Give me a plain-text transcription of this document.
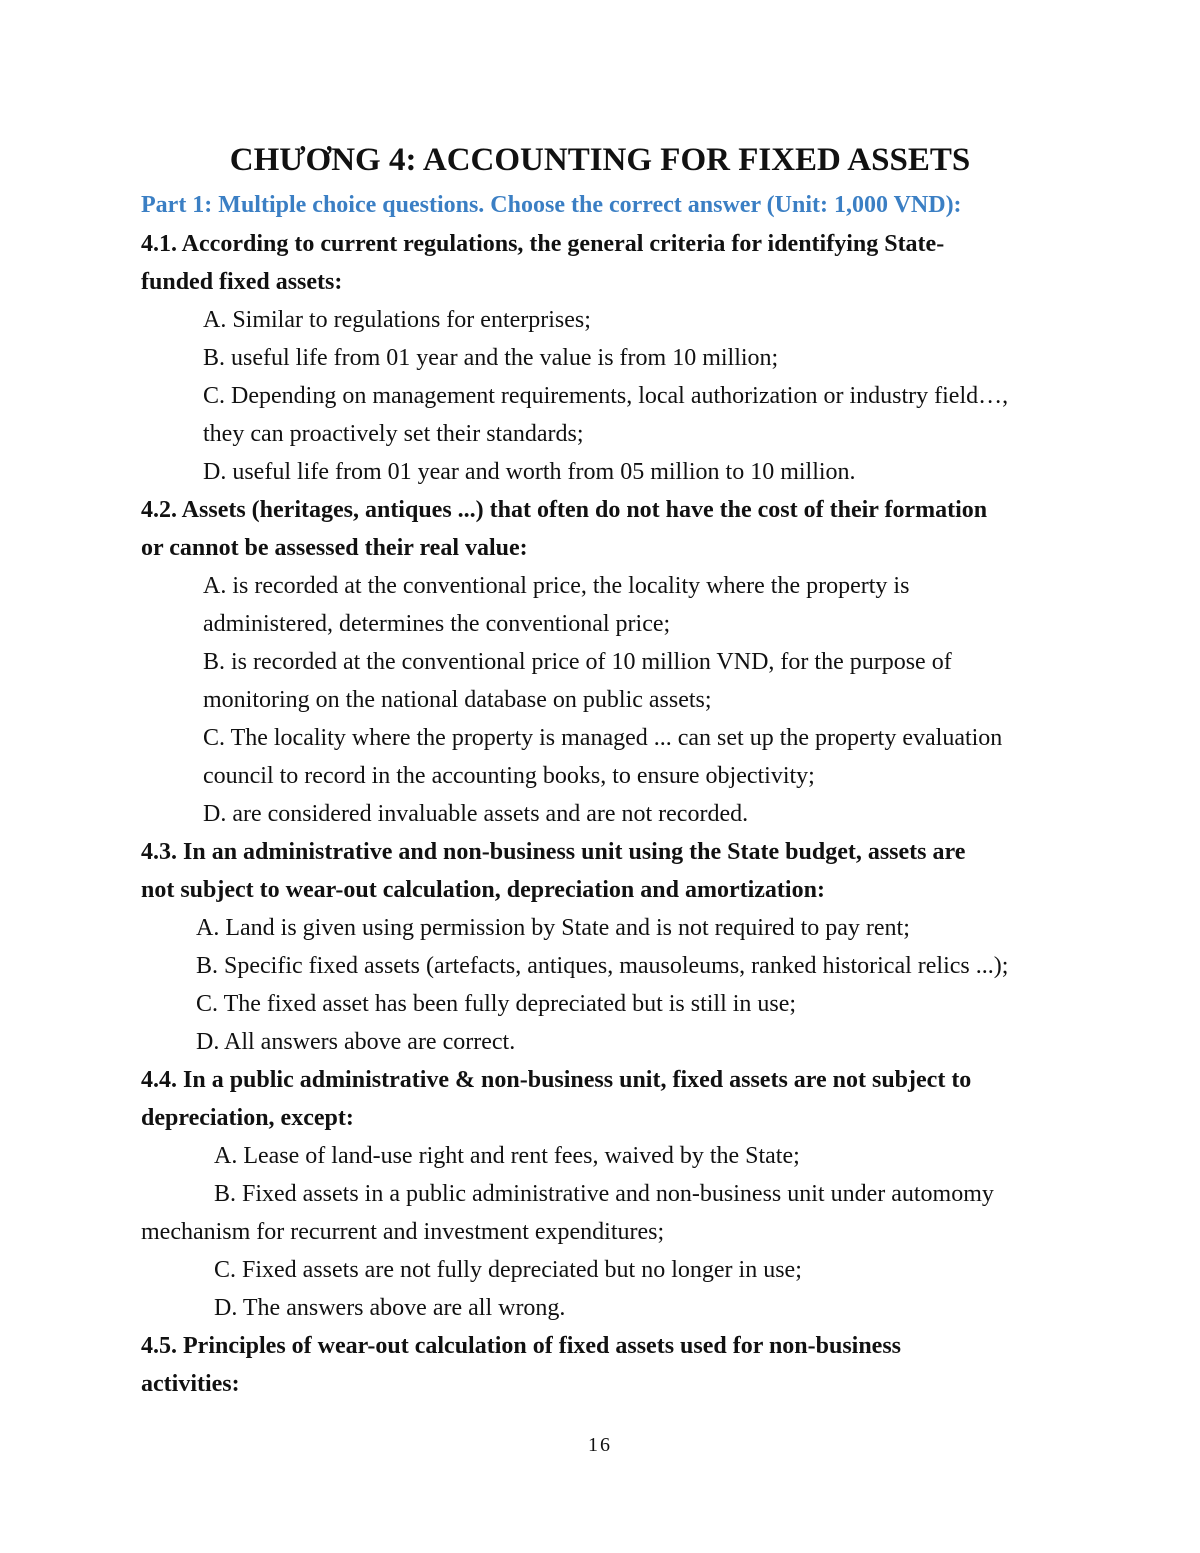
CHƯƠNG 4: ACCOUNTING FOR FIXED ASSETS
Part 1: Multiple choice questions. Choose the correct answer (Unit: 1,000 VND):
4.1. According to current regulations, the general criteria for identifying State-
funded fixed assets:
A. Similar to regulations for enterprises;
B. useful life from 01 year and the value is from 10 million;
C. Depending on management requirements, local authorization or industry field…,
they can proactively set their standards;
D. useful life from 01 year and worth from 05 million to 10 million.
4.2. Assets (heritages, antiques ...) that often do not have the cost of their formation
or cannot be assessed their real value:
A. is recorded at the conventional price, the locality where the property is
administered, determines the conventional price;
B. is recorded at the conventional price of 10 million VND, for the purpose of
monitoring on the national database on public assets;
C. The locality where the property is managed ... can set up the property evaluation
council to record in the accounting books, to ensure objectivity;
D. are considered invaluable assets and are not recorded.
4.3. In an administrative and non-business unit using the State budget, assets are
not subject to wear-out calculation, depreciation and amortization:
A. Land is given using permission by State and is not required to pay rent;
B. Specific fixed assets (artefacts, antiques, mausoleums, ranked historical relics ...);
C. The fixed asset has been fully depreciated but is still in use;
D. All answers above are correct.
4.4. In a public administrative & non-business unit, fixed assets are not subject to
depreciation, except:
A. Lease of land-use right and rent fees, waived by the State;
B. Fixed assets in a public administrative and non-business unit under automomy
mechanism for recurrent and investment expenditures;
C. Fixed assets are not fully depreciated but no longer in use;
D. The answers above are all wrong.
4.5. Principles of wear-out calculation of fixed assets used for non-business
activities:
16
